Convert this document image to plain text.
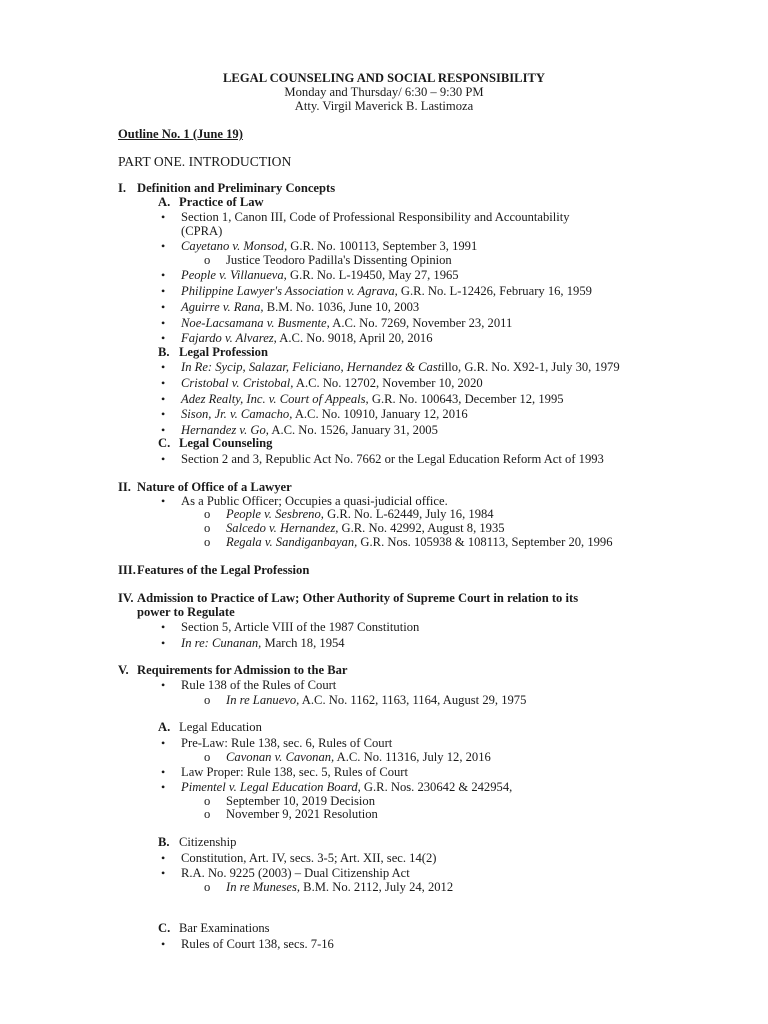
LEGAL COUNSELING AND SOCIAL RESPONSIBILITY
Monday and Thursday/ 6:30 – 9:30 PM
Atty. Virgil Maverick B. Lastimoza
Outline No. 1 (June 19)
PART ONE. INTRODUCTION
I. Definition and Preliminary Concepts
A. Practice of Law
• Section 1, Canon III, Code of Professional Responsibility and Accountability
(CPRA)
• Cayetano v. Monsod, G.R. No. 100113, September 3, 1991
o Justice Teodoro Padilla's Dissenting Opinion
• People v. Villanueva, G.R. No. L-19450, May 27, 1965
• Philippine Lawyer's Association v. Agrava, G.R. No. L-12426, February 16, 1959
• Aguirre v. Rana, B.M. No. 1036, June 10, 2003
• Noe-Lacsamana v. Busmente, A.C. No. 7269, November 23, 2011
• Fajardo v. Alvarez, A.C. No. 9018, April 20, 2016
B. Legal Profession
• In Re: Sycip, Salazar, Feliciano, Hernandez & Castillo, G.R. No. X92-1, July 30, 1979
• Cristobal v. Cristobal, A.C. No. 12702, November 10, 2020
• Adez Realty, Inc. v. Court of Appeals, G.R. No. 100643, December 12, 1995
• Sison, Jr. v. Camacho, A.C. No. 10910, January 12, 2016
• Hernandez v. Go, A.C. No. 1526, January 31, 2005
C. Legal Counseling
• Section 2 and 3, Republic Act No. 7662 or the Legal Education Reform Act of 1993
II. Nature of Office of a Lawyer
• As a Public Officer; Occupies a quasi-judicial office.
o People v. Sesbreno, G.R. No. L-62449, July 16, 1984
o Salcedo v. Hernandez, G.R. No. 42992, August 8, 1935
o Regala v. Sandiganbayan, G.R. Nos. 105938 & 108113, September 20, 1996
III. Features of the Legal Profession
IV. Admission to Practice of Law; Other Authority of Supreme Court in relation to its
power to Regulate
• Section 5, Article VIII of the 1987 Constitution
• In re: Cunanan, March 18, 1954
V. Requirements for Admission to the Bar
• Rule 138 of the Rules of Court
o In re Lanuevo, A.C. No. 1162, 1163, 1164, August 29, 1975
A. Legal Education
• Pre-Law: Rule 138, sec. 6, Rules of Court
o Cavonan v. Cavonan, A.C. No. 11316, July 12, 2016
• Law Proper: Rule 138, sec. 5, Rules of Court
• Pimentel v. Legal Education Board, G.R. Nos. 230642 & 242954,
o September 10, 2019 Decision
o November 9, 2021 Resolution
B. Citizenship
• Constitution, Art. IV, secs. 3-5; Art. XII, sec. 14(2)
• R.A. No. 9225 (2003) – Dual Citizenship Act
o In re Muneses, B.M. No. 2112, July 24, 2012
C. Bar Examinations
• Rules of Court 138, secs. 7-16
